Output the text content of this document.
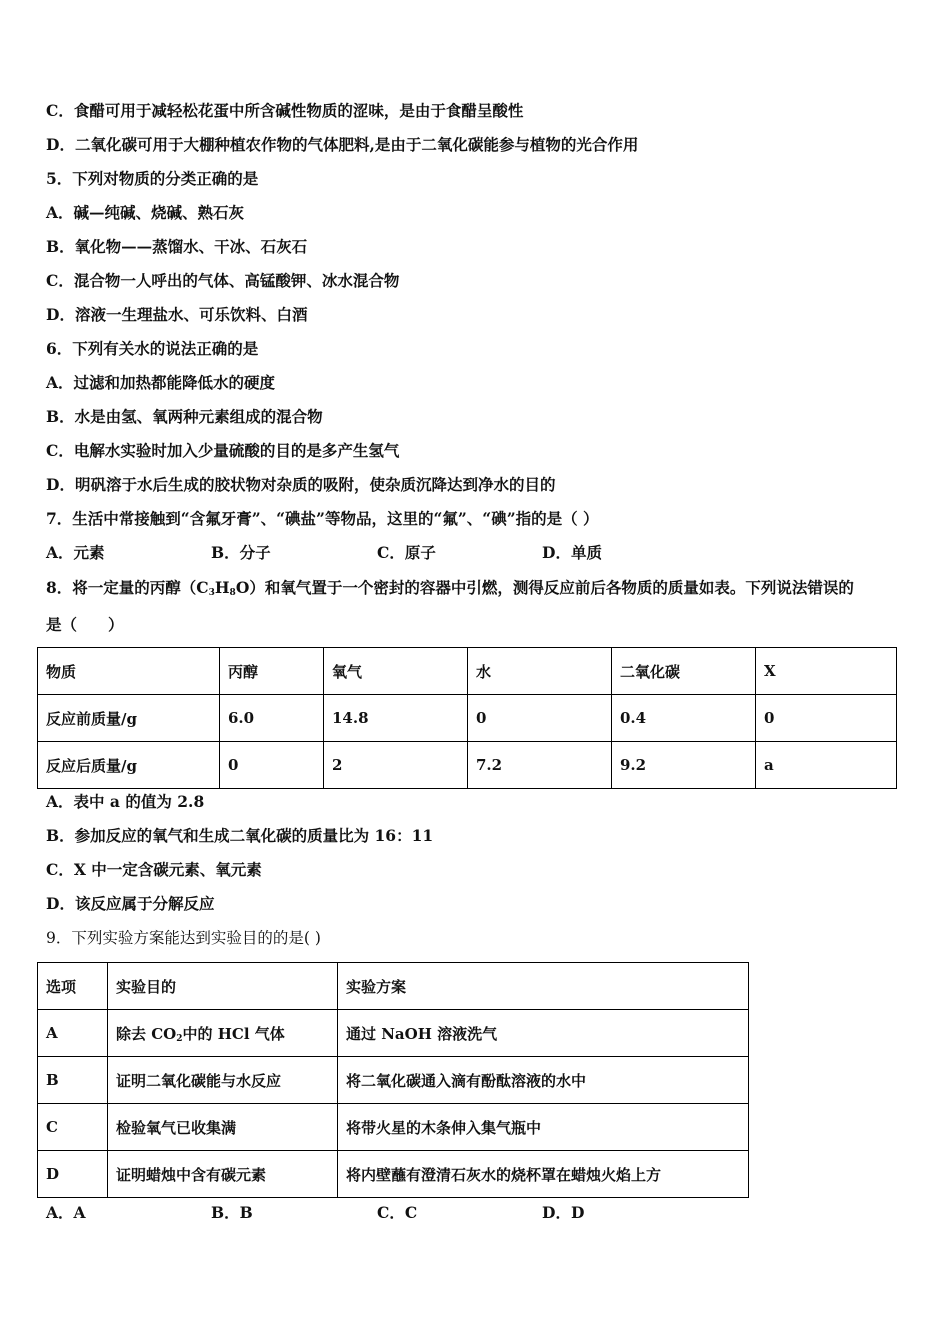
C．食醋可用于减轻松花蛋中所含碱性物质的涩味，是由于食醋呈酸性
D．二氧化碳可用于大棚种植农作物的气体肥料,是由于二氧化碳能参与植物的光合作用
5．下列对物质的分类正确的是
A．碱—纯碱、烧碱、熟石灰
B．氧化物——蒸馏水、干冰、石灰石
C．混合物一人呼出的气体、高锰酸钾、冰水混合物
D．溶液一生理盐水、可乐饮料、白酒
6．下列有关水的说法正确的是
A．过滤和加热都能降低水的硬度
B．水是由氢、氧两种元素组成的混合物
C．电解水实验时加入少量硫酸的目的是多产生氢气
D．明矾溶于水后生成的胶状物对杂质的吸附，使杂质沉降达到净水的目的
7．生活中常接触到“含氟牙膏”、“碘盐”等物品，这里的“氟”、“碘”指的是（ ）
A．元素	B．分子	C．原子	D．单质
8．将一定量的丙醇$(C_3H_8O)$和氧气置于一个密封的容器中引燃，测得反应前后各物质的质量如表。下列说法错误的
是（　　）
物质	丙醇	氧气	水	二氧化碳	X
反应前质量/g	6.0	14.8	0	0.4	0
反应后质量/g	0	2	7.2	9.2	a
A．表中 a 的值为 2.8
B．参加反应的氧气和生成二氧化碳的质量比为 16：11
C．X 中一定含碳元素、氧元素
D．该反应属于分解反应
9．下列实验方案能达到实验目的的是( )
选项	实验目的	实验方案
A	除去 $CO_2$中的 HCl 气体	通过 NaOH 溶液洗气
B	证明二氧化碳能与水反应	将二氧化碳通入滴有酚酞溶液的水中
C	检验氧气已收集满	将带火星的木条伸入集气瓶中
D	证明蜡烛中含有碳元素	将内壁蘸有澄清石灰水的烧杯罩在蜡烛火焰上方
A．A	B．B	C．C	D．D
